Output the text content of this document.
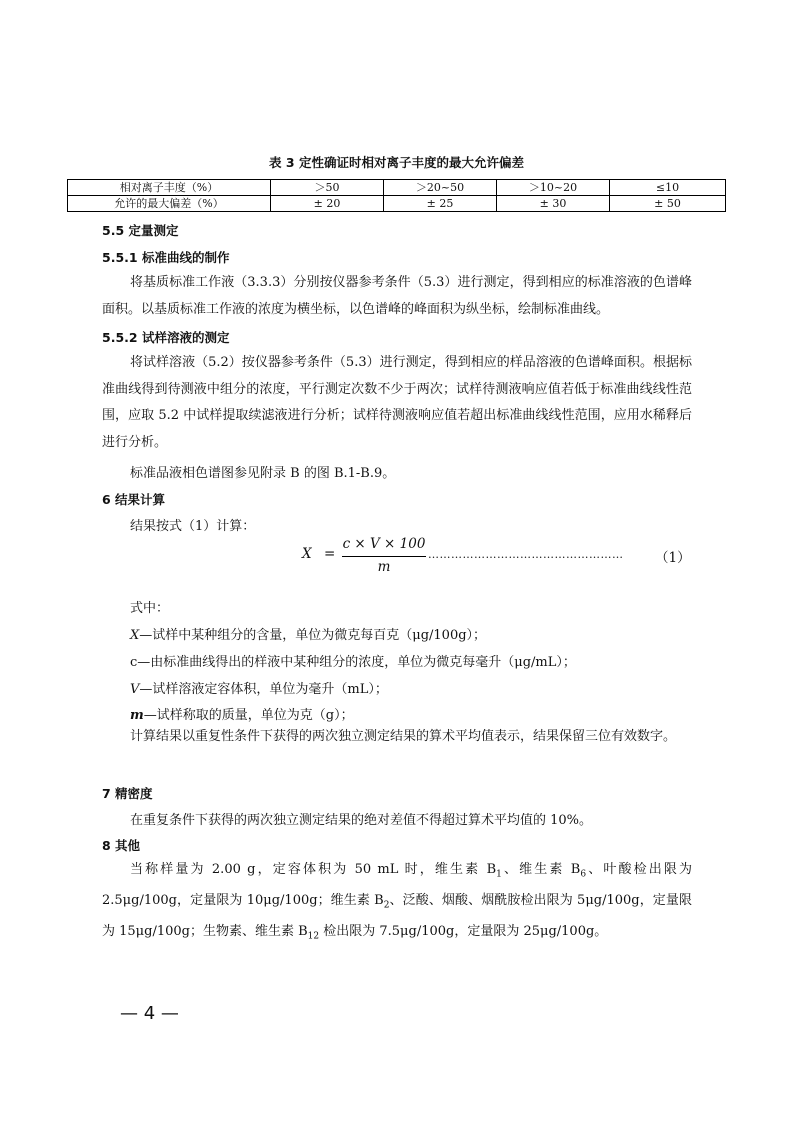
表 3 定性确证时相对离子丰度的最大允许偏差
相对离子丰度（%）	＞50	＞20~50	＞10~20	≤10
允许的最大偏差（%）	± 20	± 25	± 30	± 50
5.5 定量测定
5.5.1 标准曲线的制作
将基质标准工作液（3.3.3）分别按仪器参考条件（5.3）进行测定，得到相应的标准溶液的色谱峰面积。以基质标准工作液的浓度为横坐标，以色谱峰的峰面积为纵坐标，绘制标准曲线。
5.5.2 试样溶液的测定
将试样溶液（5.2）按仪器参考条件（5.3）进行测定，得到相应的样品溶液的色谱峰面积。根据标准曲线得到待测液中组分的浓度，平行测定次数不少于两次；试样待测液响应值若低于标准曲线线性范围，应取 5.2 中试样提取续滤液进行分析；试样待测液响应值若超出标准曲线线性范围，应用水稀释后进行分析。
标准品液相色谱图参见附录 B 的图 B.1-B.9。
6 结果计算
结果按式（1）计算：
X =
c × V × 100
m
…………………………………………… （1）
式中：
X—试样中某种组分的含量，单位为微克每百克（μg/100g）；
c—由标准曲线得出的样液中某种组分的浓度，单位为微克每毫升（μg/mL）；
V—试样溶液定容体积，单位为毫升（mL）；
m—试样称取的质量，单位为克（g）；
计算结果以重复性条件下获得的两次独立测定结果的算术平均值表示，结果保留三位有效数字。
7 精密度
在重复条件下获得的两次独立测定结果的绝对差值不得超过算术平均值的 10%。
8 其他
当称样量为 2.00 g，定容体积为 50 mL 时，维生素 $B_1$、维生素 $B_6$、叶酸检出限为 2.5μg/100g，定量限为 10μg/100g；维生素 $B_2$、泛酸、烟酸、烟酰胺检出限为 5μg/100g，定量限为 15μg/100g；生物素、维生素 $B_{12}$ 检出限为 7.5μg/100g，定量限为 25μg/100g。
— 4 —
